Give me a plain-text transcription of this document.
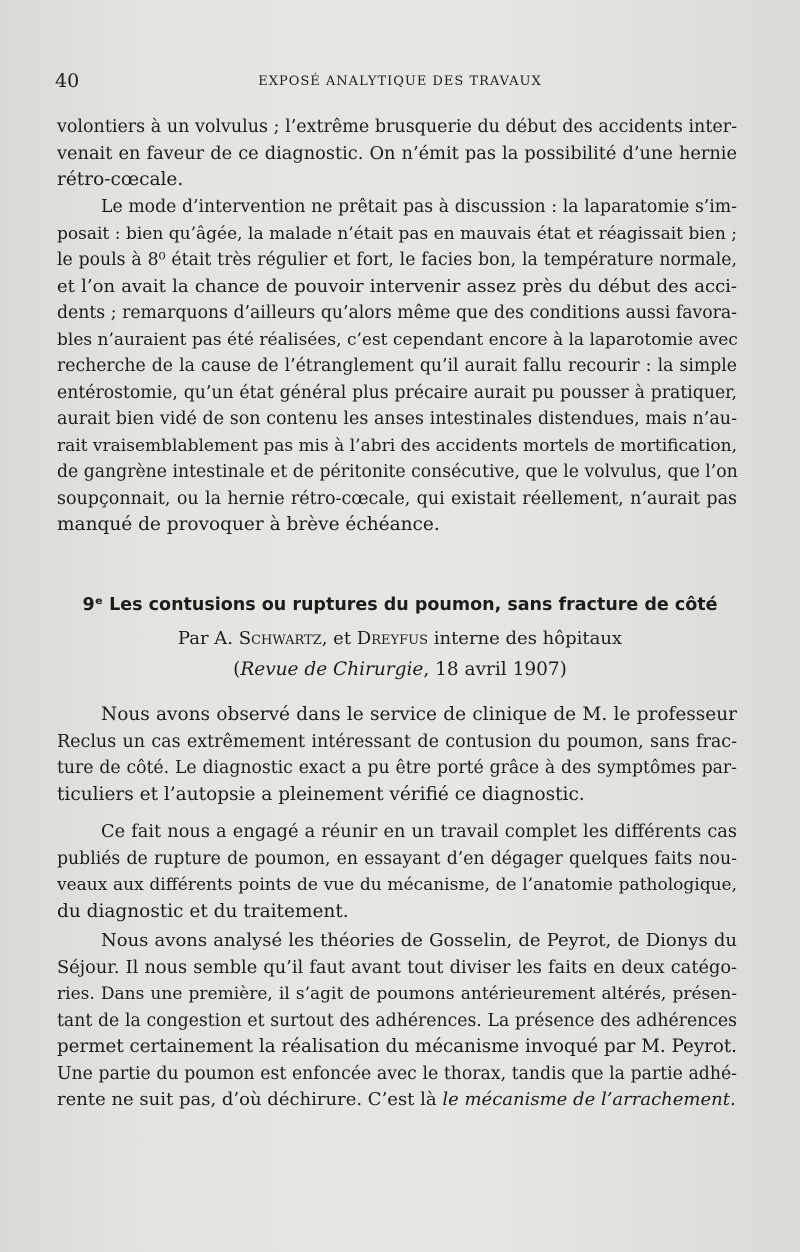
40	EXPOSÉ ANALYTIQUE DES TRAVAUX

volontiers à un volvulus ; l’extrême brusquerie du début des accidents inter-
venait en faveur de ce diagnostic. On n’émit pas la possibilité d’une hernie
rétro-cœcale.

Le mode d’intervention ne prêtait pas à discussion : la laparatomie s’im-
posait : bien qu’âgée, la malade n’était pas en mauvais état et réagissait bien ;
le pouls à 8⁰ était très régulier et fort, le facies bon, la température normale,
et l’on avait la chance de pouvoir intervenir assez près du début des acci-
dents ; remarquons d’ailleurs qu’alors même que des conditions aussi favora-
bles n’auraient pas été réalisées, c’est cependant encore à la laparotomie avec
recherche de la cause de l’étranglement qu’il aurait fallu recourir : la simple
entérostomie, qu’un état général plus précaire aurait pu pousser à pratiquer,
aurait bien vidé de son contenu les anses intestinales distendues, mais n’au-
rait vraisemblablement pas mis à l’abri des accidents mortels de mortification,
de gangrène intestinale et de péritonite consécutive, que le volvulus, que l’on
soupçonnait, ou la hernie rétro-cœcale, qui existait réellement, n’aurait pas
manqué de provoquer à brève échéance.

9ᵉ Les contusions ou ruptures du poumon, sans fracture de côté
Par A. Schwartz, et Dreyfus interne des hôpitaux
(Revue de Chirurgie, 18 avril 1907)

Nous avons observé dans le service de clinique de M. le professeur
Reclus un cas extrêmement intéressant de contusion du poumon, sans frac-
ture de côté. Le diagnostic exact a pu être porté grâce à des symptômes par-
ticuliers et l’autopsie a pleinement vérifié ce diagnostic.

Ce fait nous a engagé a réunir en un travail complet les différents cas
publiés de rupture de poumon, en essayant d’en dégager quelques faits nou-
veaux aux différents points de vue du mécanisme, de l’anatomie pathologique,
du diagnostic et du traitement.

Nous avons analysé les théories de Gosselin, de Peyrot, de Dionys du
Séjour. Il nous semble qu’il faut avant tout diviser les faits en deux catégo-
ries. Dans une première, il s’agit de poumons antérieurement altérés, présen-
tant de la congestion et surtout des adhérences. La présence des adhérences
permet certainement la réalisation du mécanisme invoqué par M. Peyrot.
Une partie du poumon est enfoncée avec le thorax, tandis que la partie adhé-
rente ne suit pas, d’où déchirure. C’est là le mécanisme de l’arrachement.
